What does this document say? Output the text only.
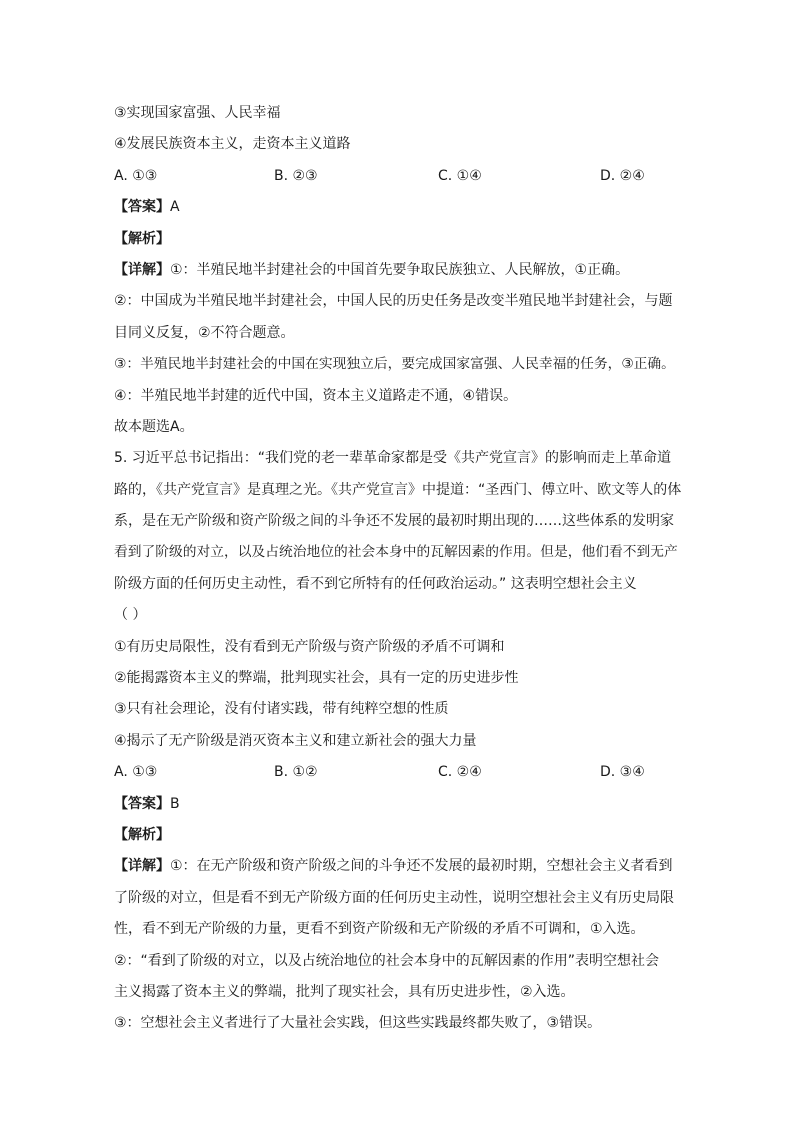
③实现国家富强、人民幸福
④发展民族资本主义，走资本主义道路
A. ①③	B. ②③	C. ①④	D. ②④
【答案】A
【解析】
【详解】①：半殖民地半封建社会的中国首先要争取民族独立、人民解放，①正确。
②：中国成为半殖民地半封建社会，中国人民的历史任务是改变半殖民地半封建社会，与题
目同义反复，②不符合题意。
③：半殖民地半封建社会的中国在实现独立后，要完成国家富强、人民幸福的任务，③正确。
④：半殖民地半封建的近代中国，资本主义道路走不通，④错误。
故本题选A。
5. 习近平总书记指出：“我们党的老一辈革命家都是受《共产党宣言》的影响而走上革命道
路的，《共产党宣言》是真理之光。《共产党宣言》中提道：“圣西门、傅立叶、欧文等人的体
系，是在无产阶级和资产阶级之间的斗争还不发展的最初时期出现的……这些体系的发明家
看到了阶级的对立，以及占统治地位的社会本身中的瓦解因素的作用。但是，他们看不到无产
阶级方面的任何历史主动性，看不到它所特有的任何政治运动。” 这表明空想社会主义
（ ）
①有历史局限性，没有看到无产阶级与资产阶级的矛盾不可调和
②能揭露资本主义的弊端，批判现实社会，具有一定的历史进步性
③只有社会理论，没有付诸实践，带有纯粹空想的性质
④揭示了无产阶级是消灭资本主义和建立新社会的强大力量
A. ①③	B. ①②	C. ②④	D. ③④
【答案】B
【解析】
【详解】①：在无产阶级和资产阶级之间的斗争还不发展的最初时期，空想社会主义者看到
了阶级的对立，但是看不到无产阶级方面的任何历史主动性，说明空想社会主义有历史局限
性，看不到无产阶级的力量，更看不到资产阶级和无产阶级的矛盾不可调和，①入选。
②：“看到了阶级的对立，以及占统治地位的社会本身中的瓦解因素的作用”表明空想社会
主义揭露了资本主义的弊端，批判了现实社会，具有历史进步性，②入选。
③：空想社会主义者进行了大量社会实践，但这些实践最终都失败了，③错误。
